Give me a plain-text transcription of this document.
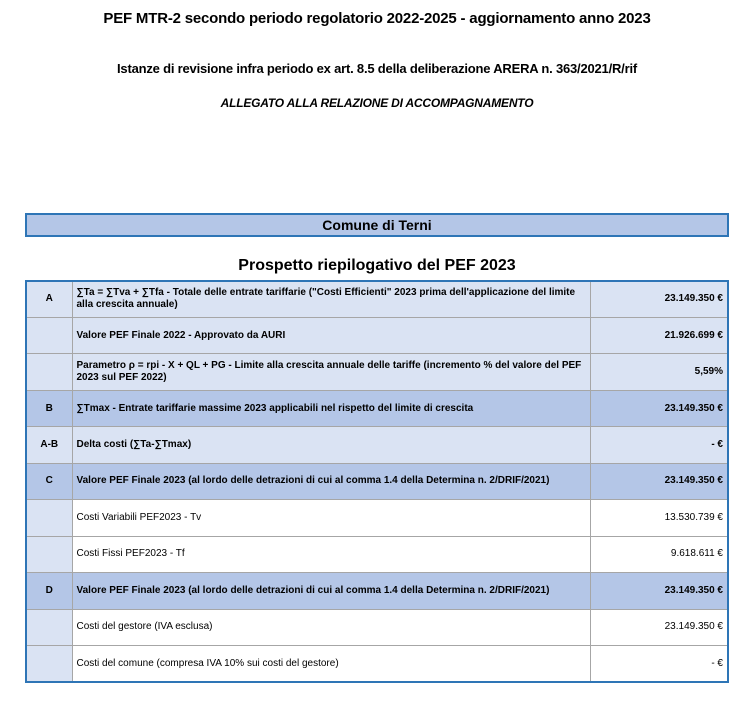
PEF MTR-2 secondo periodo regolatorio 2022-2025 - aggiornamento anno 2023
Istanze di revisione infra periodo ex art. 8.5 della deliberazione ARERA n. 363/2021/R/rif
ALLEGATO ALLA RELAZIONE DI ACCOMPAGNAMENTO
Comune di Terni
Prospetto riepilogativo del PEF 2023
A	∑Ta = ∑Tva + ∑Tfa - Totale delle entrate tariffarie ("Costi Efficienti" 2023 prima dell'applicazione del limite alla crescita annuale)	23.149.350 €
	Valore PEF Finale 2022 - Approvato da AURI	21.926.699 €
	Parametro ρ = rpi - X + QL + PG - Limite alla crescita annuale delle tariffe (incremento % del valore del PEF 2023 sul PEF 2022)	5,59%
B	∑Tmax - Entrate tariffarie massime 2023 applicabili nel rispetto del limite di crescita	23.149.350 €
A-B	Delta costi (∑Ta-∑Tmax)	- €
C	Valore PEF Finale 2023 (al lordo delle detrazioni di cui al comma 1.4 della Determina n. 2/DRIF/2021)	23.149.350 €
	Costi Variabili PEF2023 - Tv	13.530.739 €
	Costi Fissi PEF2023 - Tf	9.618.611 €
D	Valore PEF Finale 2023 (al lordo delle detrazioni di cui al comma 1.4 della Determina n. 2/DRIF/2021)	23.149.350 €
	Costi del gestore (IVA esclusa)	23.149.350 €
	Costi del comune (compresa IVA 10% sui costi del gestore)	- €
